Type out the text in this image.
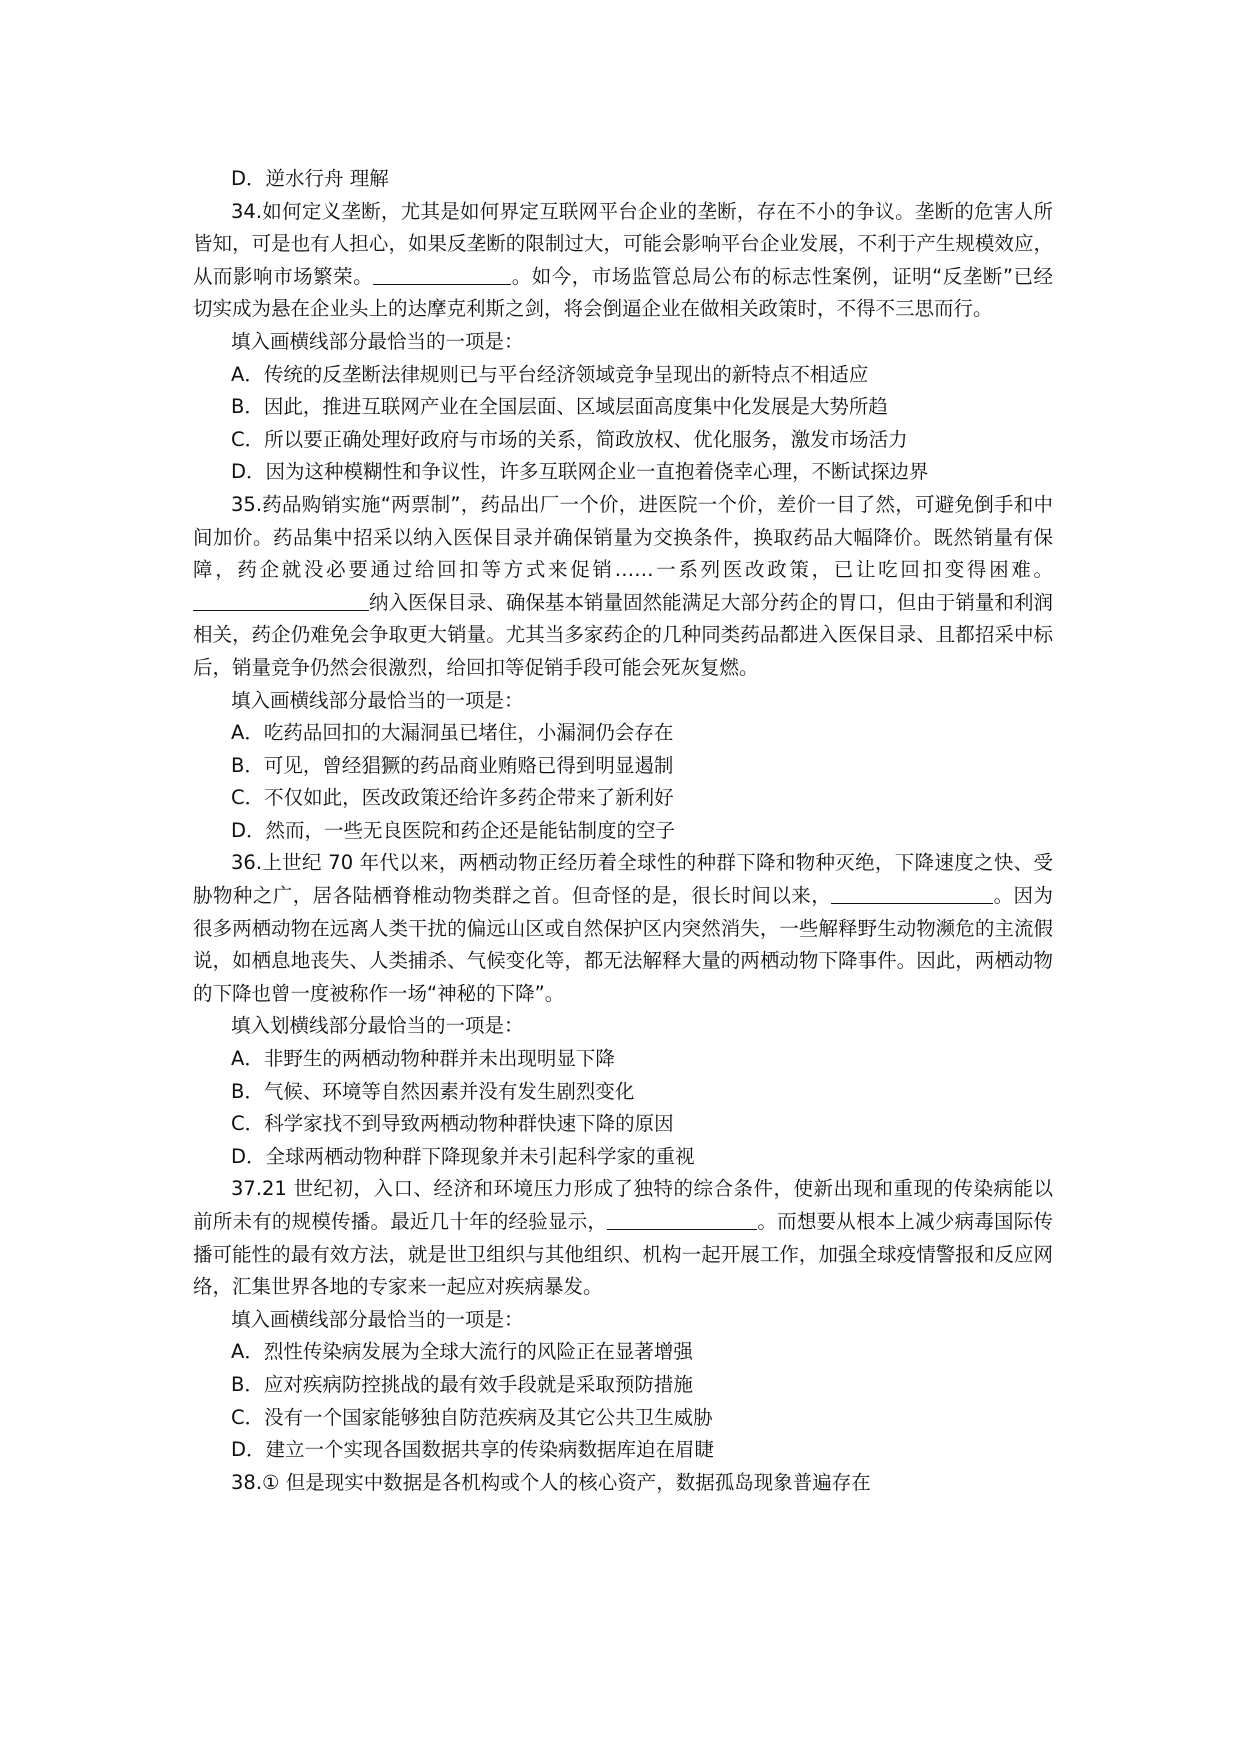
D．逆水行舟 理解

34.如何定义垄断，尤其是如何界定互联网平台企业的垄断，存在不小的争议。垄断的危害人所皆知，可是也有人担心，如果反垄断的限制过大，可能会影响平台企业发展，不利于产生规模效应，从而影响市场繁荣。	。如今，市场监管总局公布的标志性案例，证明“反垄断”已经切实成为悬在企业头上的达摩克利斯之剑，将会倒逼企业在做相关政策时，不得不三思而行。

填入画横线部分最恰当的一项是：

A．传统的反垄断法律规则已与平台经济领域竞争呈现出的新特点不相适应

B．因此，推进互联网产业在全国层面、区域层面高度集中化发展是大势所趋

C．所以要正确处理好政府与市场的关系，简政放权、优化服务，激发市场活力

D．因为这种模糊性和争议性，许多互联网企业一直抱着侥幸心理，不断试探边界

35.药品购销实施“两票制”，药品出厂一个价，进医院一个价，差价一目了然，可避免倒手和中间加价。药品集中招采以纳入医保目录并确保销量为交换条件，换取药品大幅降价。既然销量有保障，药企就没必要通过给回扣等方式来促销……一系列医改政策，已让吃回扣变得困难。纳入医保目录、确保基本销量固然能满足大部分药企的胃口，但由于销量和利润相关，药企仍难免会争取更大销量。尤其当多家药企的几种同类药品都进入医保目录、且都招采中标后，销量竞争仍然会很激烈，给回扣等促销手段可能会死灰复燃。

填入画横线部分最恰当的一项是：

A．吃药品回扣的大漏洞虽已堵住，小漏洞仍会存在

B．可见，曾经猖獗的药品商业贿赂已得到明显遏制

C．不仅如此，医改政策还给许多药企带来了新利好

D．然而，一些无良医院和药企还是能钻制度的空子

36.上世纪 70 年代以来，两栖动物正经历着全球性的种群下降和物种灭绝，下降速度之快、受胁物种之广，居各陆栖脊椎动物类群之首。但奇怪的是，很长时间以来，	。因为很多两栖动物在远离人类干扰的偏远山区或自然保护区内突然消失，一些解释野生动物濒危的主流假说，如栖息地丧失、人类捕杀、气候变化等，都无法解释大量的两栖动物下降事件。因此，两栖动物的下降也曾一度被称作一场“神秘的下降”。

填入划横线部分最恰当的一项是：

A．非野生的两栖动物种群并未出现明显下降

B．气候、环境等自然因素并没有发生剧烈变化

C．科学家找不到导致两栖动物种群快速下降的原因

D．全球两栖动物种群下降现象并未引起科学家的重视

37.21 世纪初，入口、经济和环境压力形成了独特的综合条件，使新出现和重现的传染病能以前所未有的规模传播。最近几十年的经验显示，	。而想要从根本上减少病毒国际传播可能性的最有效方法，就是世卫组织与其他组织、机构一起开展工作，加强全球疫情警报和反应网络，汇集世界各地的专家来一起应对疾病暴发。

填入画横线部分最恰当的一项是：

A．烈性传染病发展为全球大流行的风险正在显著增强

B．应对疾病防控挑战的最有效手段就是采取预防措施

C．没有一个国家能够独自防范疾病及其它公共卫生威胁

D．建立一个实现各国数据共享的传染病数据库迫在眉睫

38.① 但是现实中数据是各机构或个人的核心资产，数据孤岛现象普遍存在
